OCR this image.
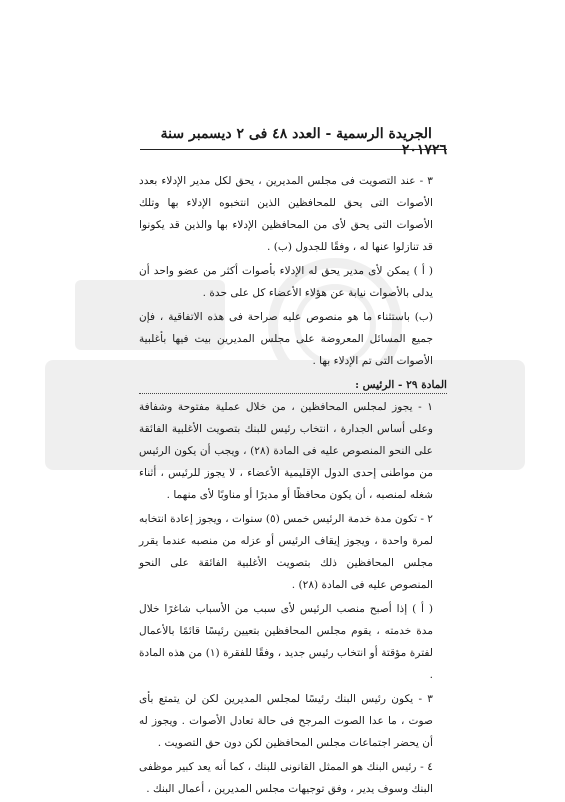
٢٦
الجريدة الرسمية - العدد ٤٨ فى ٢ ديسمبر سنة ٢٠١٧

٣ - عند التصويت فى مجلس المديرين ، يحق لكل مدير الإدلاء بعدد الأصوات التى يحق للمحافظين الذين انتخبوه الإدلاء بها وتلك الأصوات التى يحق لأى من المحافظين الإدلاء بها والذين قد يكونوا قد تنازلوا عنها له ، وفقًا للجدول (ب) .

( أ ) يمكن لأى مدير يحق له الإدلاء بأصوات أكثر من عضو واحد أن يدلى بالأصوات نيابة عن هؤلاء الأعضاء كل على حدة .

(ب) باستثناء ما هو منصوص عليه صراحة فى هذه الاتفاقية ، فإن جميع المسائل المعروضة على مجلس المديرين بيت فيها بأغلبية الأصوات التى تم الإدلاء بها .

المادة ٢٩ - الرئيس :

١ - يجوز لمجلس المحافظين ، من خلال عملية مفتوحة وشفافة وعلى أساس الجدارة ، انتخاب رئيس للبنك بتصويت الأغلبية الفائقة على النحو المنصوص عليه فى المادة (٢٨) ، ويجب أن يكون الرئيس من مواطنى إحدى الدول الإقليمية الأعضاء ، لا يجوز للرئيس ، أثناء شغله لمنصبه ، أن يكون محافظًا أو مديرًا أو مناوبًا لأى منهما .

٢ - تكون مدة خدمة الرئيس خمس (٥) سنوات ، ويجوز إعادة انتخابه لمرة واحدة ، ويجوز إيقاف الرئيس أو عزله من منصبه عندما يقرر مجلس المحافظين ذلك بتصويت الأغلبية الفائقة على النحو المنصوص عليه فى المادة (٢٨) .

( أ ) إذا أصبح منصب الرئيس لأى سبب من الأسباب شاغرًا خلال مدة خدمته ، يقوم مجلس المحافظين بتعيين رئيسًا قائمًا بالأعمال لفترة مؤقتة أو انتخاب رئيس جديد ، وفقًا للفقرة (١) من هذه المادة .

٣ - يكون رئيس البنك رئيسًا لمجلس المديرين لكن لن يتمتع بأى صوت ، ما عدا الصوت المرجح فى حالة تعادل الأصوات . ويجوز له أن يحضر اجتماعات مجلس المحافظين لكن دون حق التصويت .

٤ - رئيس البنك هو الممثل القانونى للبنك ، كما أنه يعد كبير موظفى البنك وسوف يدير ، وفق توجيهات مجلس المديرين ، أعمال البنك .
